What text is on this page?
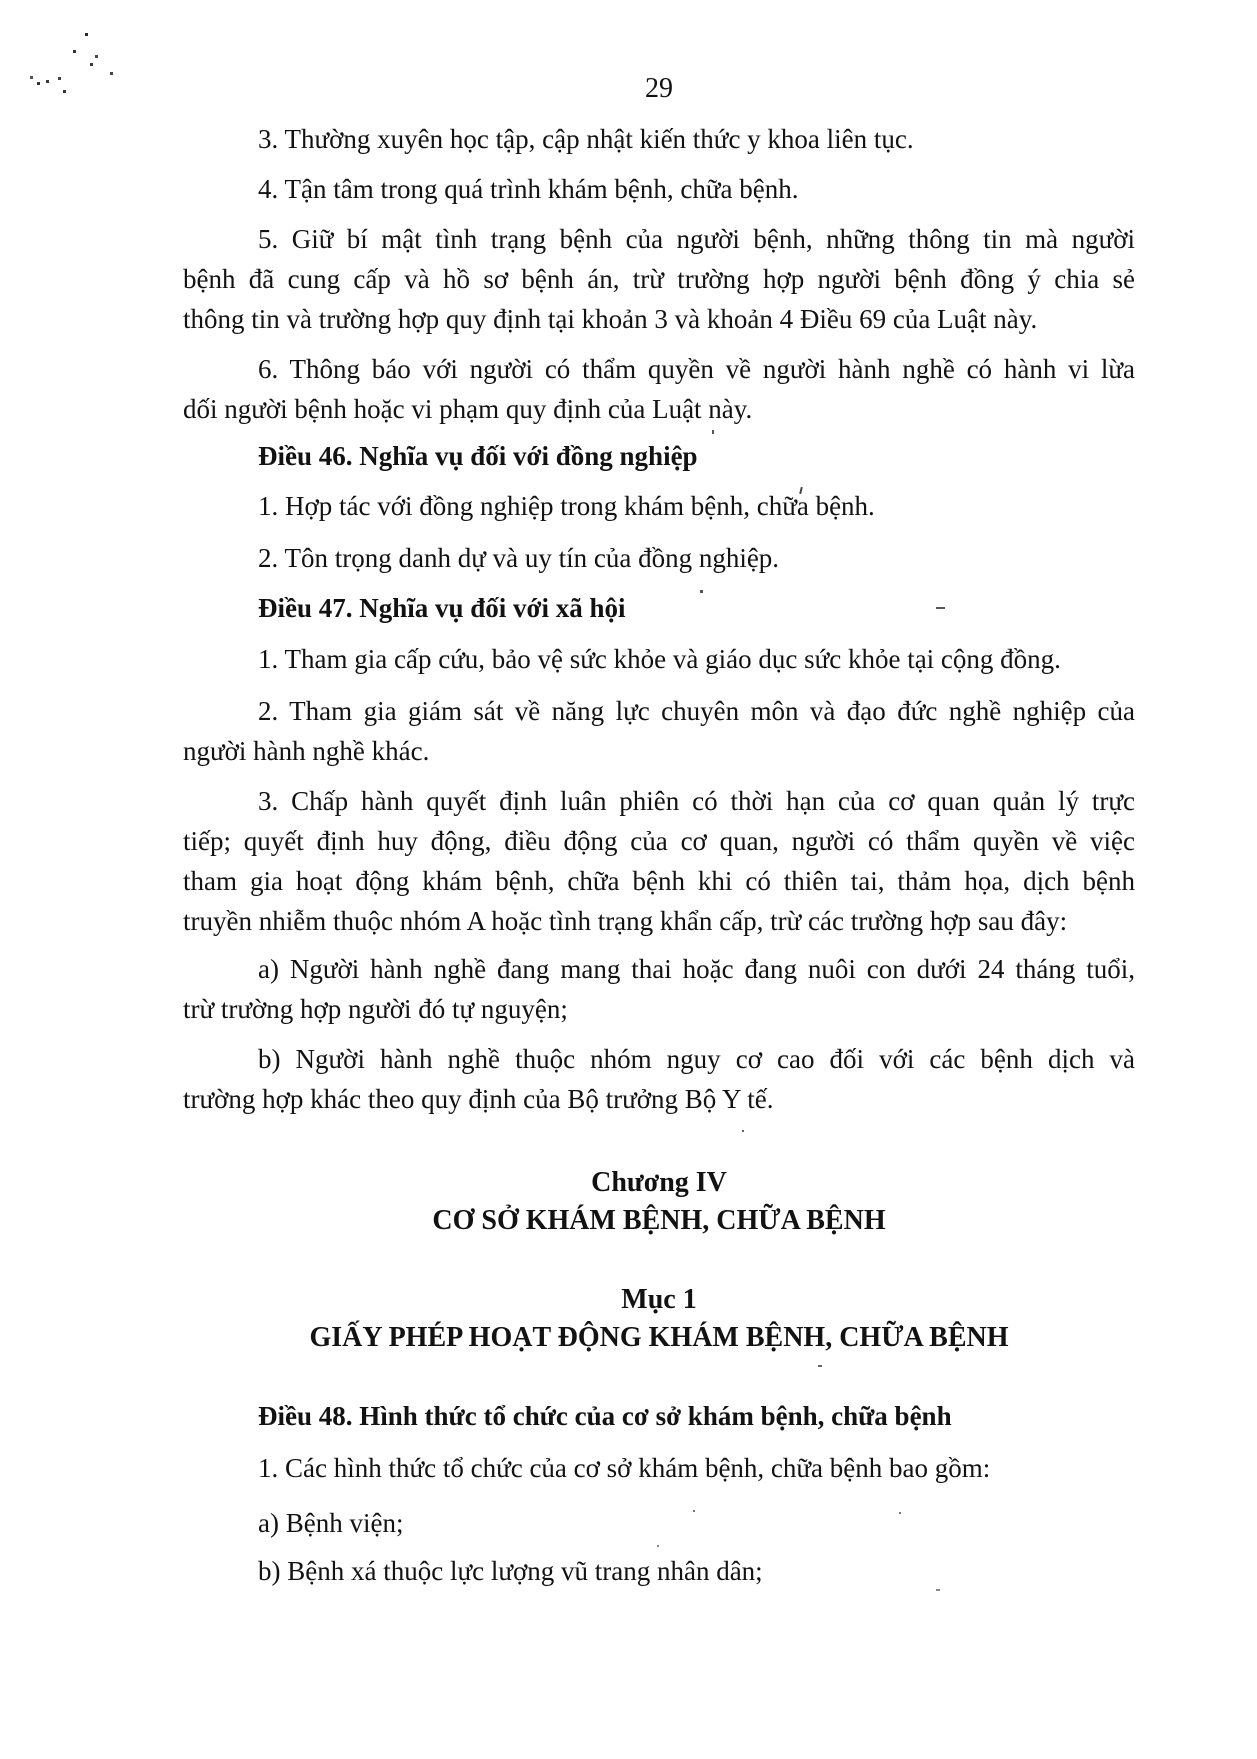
29
3. Thường xuyên học tập, cập nhật kiến thức y khoa liên tục.
4. Tận tâm trong quá trình khám bệnh, chữa bệnh.
5. Giữ bí mật tình trạng bệnh của người bệnh, những thông tin mà người
bệnh đã cung cấp và hồ sơ bệnh án, trừ trường hợp người bệnh đồng ý chia sẻ
thông tin và trường hợp quy định tại khoản 3 và khoản 4 Điều 69 của Luật này.
6. Thông báo với người có thẩm quyền về người hành nghề có hành vi lừa
dối người bệnh hoặc vi phạm quy định của Luật này.
Điều 46. Nghĩa vụ đối với đồng nghiệp
1. Hợp tác với đồng nghiệp trong khám bệnh, chữa bệnh.
2. Tôn trọng danh dự và uy tín của đồng nghiệp.
Điều 47. Nghĩa vụ đối với xã hội
1. Tham gia cấp cứu, bảo vệ sức khỏe và giáo dục sức khỏe tại cộng đồng.
2. Tham gia giám sát về năng lực chuyên môn và đạo đức nghề nghiệp của
người hành nghề khác.
3. Chấp hành quyết định luân phiên có thời hạn của cơ quan quản lý trực
tiếp; quyết định huy động, điều động của cơ quan, người có thẩm quyền về việc
tham gia hoạt động khám bệnh, chữa bệnh khi có thiên tai, thảm họa, dịch bệnh
truyền nhiễm thuộc nhóm A hoặc tình trạng khẩn cấp, trừ các trường hợp sau đây:
a) Người hành nghề đang mang thai hoặc đang nuôi con dưới 24 tháng tuổi,
trừ trường hợp người đó tự nguyện;
b) Người hành nghề thuộc nhóm nguy cơ cao đối với các bệnh dịch và
trường hợp khác theo quy định của Bộ trưởng Bộ Y tế.
Chương IV
CƠ SỞ KHÁM BỆNH, CHỮA BỆNH
Mục 1
GIẤY PHÉP HOẠT ĐỘNG KHÁM BỆNH, CHỮA BỆNH
Điều 48. Hình thức tổ chức của cơ sở khám bệnh, chữa bệnh
1. Các hình thức tổ chức của cơ sở khám bệnh, chữa bệnh bao gồm:
a) Bệnh viện;
b) Bệnh xá thuộc lực lượng vũ trang nhân dân;
